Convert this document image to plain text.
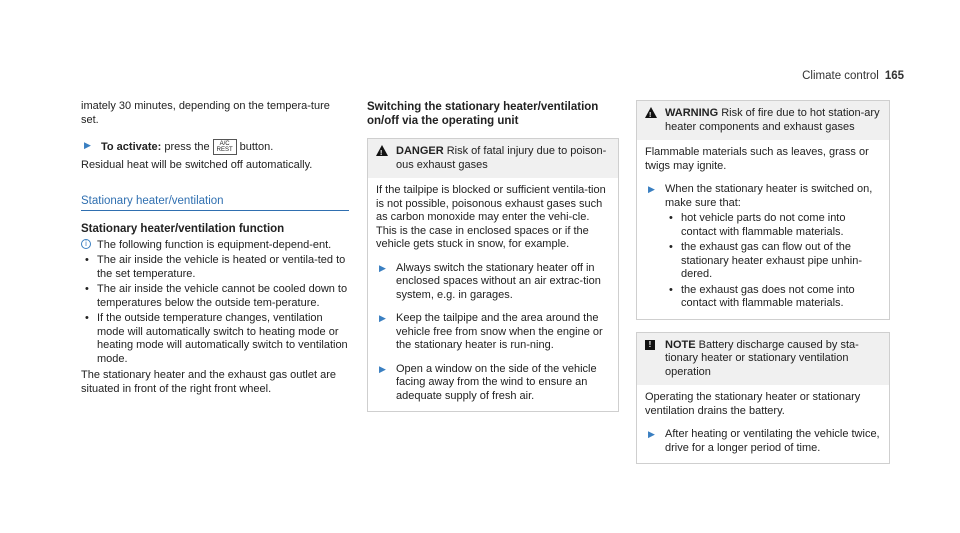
Climate control 165

imately 30 minutes, depending on the tempera-ture set.

▶ To activate: press the A/C
REST button.

Residual heat will be switched off automatically.

Stationary heater/ventilation
Stationary heater/ventilation function
i The following function is equipment-depend-ent.
• The air inside the vehicle is heated or ventila-ted to the set temperature.
• The air inside the vehicle cannot be cooled down to temperatures below the outside tem-perature.
• If the outside temperature changes, ventilation mode will automatically switch to heating mode or heating mode will automatically switch to ventilation mode.

The stationary heater and the exhaust gas outlet are situated in front of the right front wheel.

Switching the stationary heater/ventilation on/off via the operating unit
!
DANGER Risk of fatal injury due to poison-ous exhaust gases

If the tailpipe is blocked or sufficient ventila-tion is not possible, poisonous exhaust gases such as carbon monoxide may enter the vehi-cle. This is the case in enclosed spaces or if the vehicle gets stuck in snow, for example.

▶ Always switch the stationary heater off in enclosed spaces without an air extrac-tion system, e.g. in garages.
▶ Keep the tailpipe and the area around the vehicle free from snow when the engine or the stationary heater is run-ning.
▶ Open a window on the side of the vehicle facing away from the wind to ensure an adequate supply of fresh air.
!
WARNING Risk of fire due to hot station-ary heater components and exhaust gases

Flammable materials such as leaves, grass or twigs may ignite.

▶ When the stationary heater is switched on, make sure that:
• hot vehicle parts do not come into contact with flammable materials.
• the exhaust gas can flow out of the stationary heater exhaust pipe unhin-dered.
• the exhaust gas does not come into contact with flammable materials.
!	NOTE Battery discharge caused by sta-tionary heater or stationary ventilation operation

Operating the stationary heater or stationary ventilation drains the battery.

▶ After heating or ventilating the vehicle twice, drive for a longer period of time.
